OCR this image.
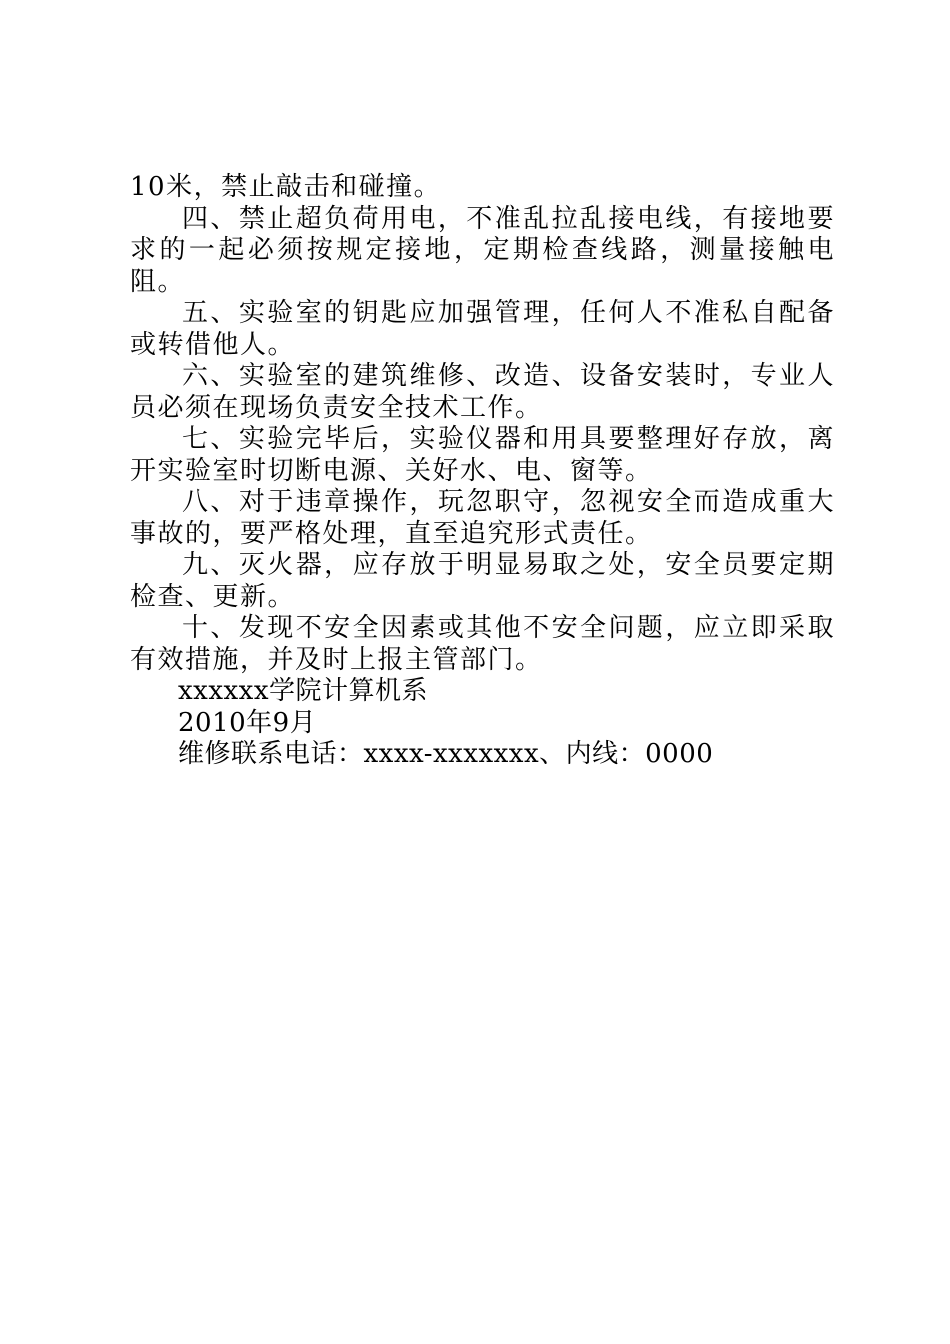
10米，禁止敲击和碰撞。

四、禁止超负荷用电，不准乱拉乱接电线，有接地要求的一起必须按规定接地，定期检查线路，测量接触电阻。

五、实验室的钥匙应加强管理，任何人不准私自配备或转借他人。

六、实验室的建筑维修、改造、设备安装时，专业人员必须在现场负责安全技术工作。

七、实验完毕后，实验仪器和用具要整理好存放，离开实验室时切断电源、关好水、电、窗等。

八、对于违章操作，玩忽职守，忽视安全而造成重大事故的，要严格处理，直至追究形式责任。

九、灭火器，应存放于明显易取之处，安全员要定期检查、更新。

十、发现不安全因素或其他不安全问题，应立即采取有效措施，并及时上报主管部门。

xxxxxx学院计算机系

2010年9月

维修联系电话：xxxx-xxxxxxx、内线：0000
